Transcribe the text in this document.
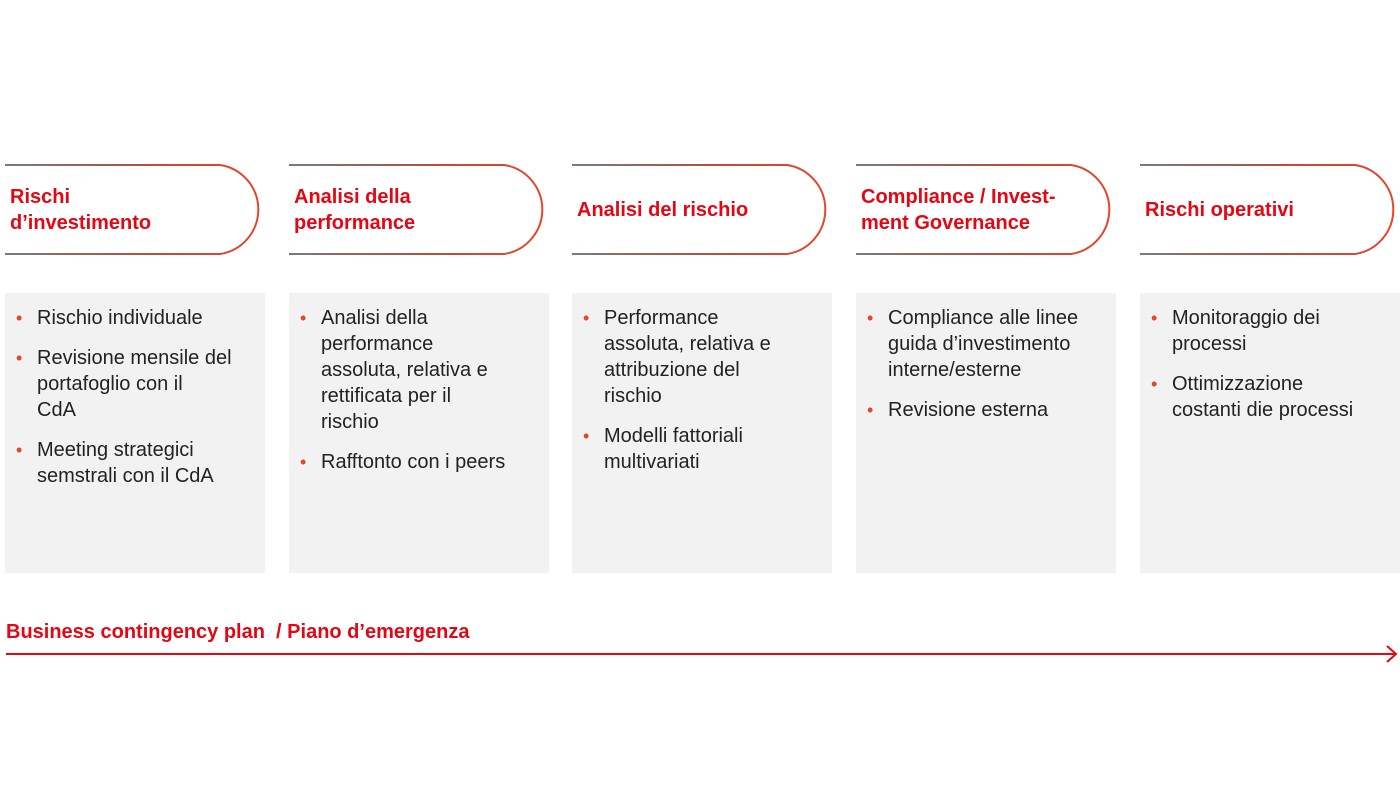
Rischi
d’investimento
• Rischio individuale
• Revisione mensile del
portafoglio con il
CdA
• Meeting strategici
semstrali con il CdA
Analisi della
performance
• Analisi della
performance
assoluta, relativa e
rettificata per il
rischio
• Rafftonto con i peers
Analisi del rischio
• Performance
assoluta, relativa e
attribuzione del
rischio
• Modelli fattoriali
multivariati
Compliance / Invest-
ment Governance
• Compliance alle linee
guida d’investimento
interne/esterne
• Revisione esterna
Rischi operativi
• Monitoraggio dei
processi
• Ottimizzazione
costanti die processi
Business contingency plan  / Piano d’emergenza
